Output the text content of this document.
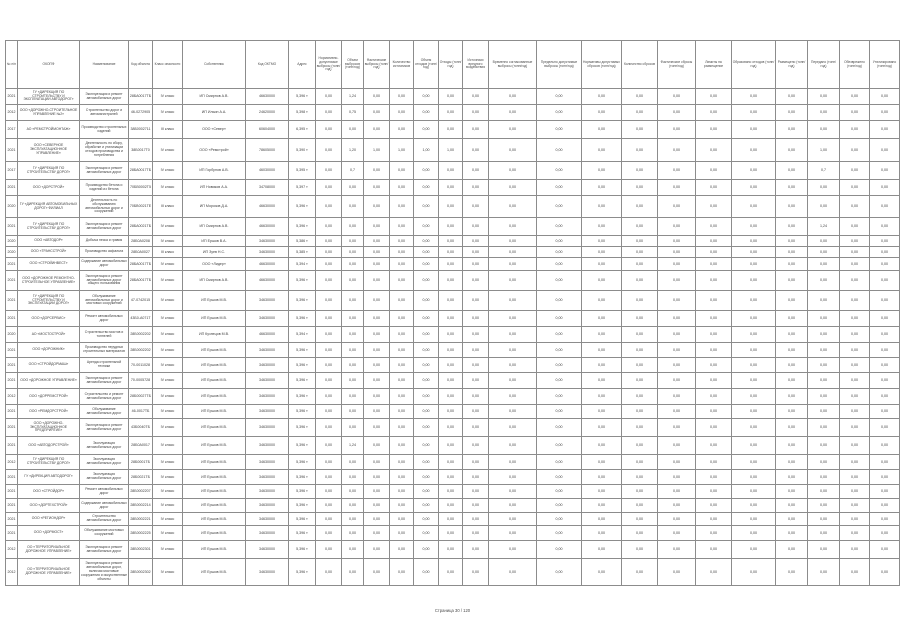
№ п/п	ОКОПФ	Наименование	Код объекта	Класс опасности	Собственник	Код ОКТМО	Адрес	Нормативно-допустимые выбросы (тонн/год)	Объем выбросов (тонн/год)	Фактические выбросы (тонн/год)	Количество источников	Объем отходов (тонн/год)	Отходы (тонн/год)	Источники вредного воздействия	Временно согласованные выбросы (тонн/год)	Предельно допустимые выбросы (тонн/год)	Нормативы допустимых сбросов (тонн/год)	Количество сбросов	Фактические сбросы (тонн/год)	Лимиты на размещение	Образовано отходов (тонн/год)	Размещено (тонн/год)	Передано (тонн/год)	Обезврежено (тонн/год)	Утилизировано (тонн/год)
2021	ГУ «ДИРЕКЦИЯ ПО СТРОИТЕЛЬСТВУ И ЭКСПЛУАТАЦИИ АВТОДОРОГ»	Эксплуатация и ремонт автомобильных дорог	28БА0017ТБ	IV класс	ИП Смирнов А.В.	46630000	5,396 т	0,00	1,24	0,00	0,00	0,00	0,00	0,00	0,00	0,00	0,00	0,00	0,00	0,00	0,00	0,00	0,00	0,00	0,00
2012	ООО «ДОРОЖНО-СТРОИТЕЛЬНОЕ УПРАВЛЕНИЕ №2»	Строительство дорог и автомагистралей	46-0272905	IV класс	ИП Ильин А.А.	24620000	5,398 т	0,00	0,75	0,00	0,00	0,00	0,00	0,00	0,00	0,00	0,00	0,00	0,00	0,00	0,00	0,00	0,00	0,00	0,00
2017	АО «РЕМСТРОЙМОНТАЖ»	Производство строительных изделий	38Б0002711	III класс	ООО «Север»	60604000	6,395 т	0,00	0,00	0,00	0,00	0,00	0,00	0,00	0,00	0,00	0,00	0,00	0,00	0,00	0,00	0,00	0,00	0,00	0,00
2021	ООО «СЕВЕРНОЕ ЭКСПЛУАТАЦИОННОЕ УПРАВЛЕНИЕ»	Деятельность по сбору, обработке и утилизации отходов производства и потребления	38Б0017Т0	IV класс	ООО «Ремстрой»	78605000	5,390 т	0,00	1,20	1,00	1,00	1,00	1,00	0,00	0,00	0,00	0,00	0,00	0,00	0,00	0,00	0,00	1,00	0,00	0,00
2017	ГУ «ДИРЕКЦИЯ ПО СТРОИТЕЛЬСТВУ ДОРОГ»	Эксплуатация и ремонт автомобильных дорог	28БА0017ТБ	IV класс	ИП Горбунов А.В.	46030000	5,395 т	0,00	0,7	0,00	0,00	0,00	0,00	0,00	0,00	0,00	0,00	0,00	0,00	0,00	0,00	0,00	0,7	0,00	0,00
2021	ООО «ДОРСТРОЙ»	Производство бетона и изделий из бетона	70БВ0002Т5	IV класс	ИП Новиков А.А.	34708000	5,397 т	0,00	0,00	0,00	0,00	0,00	0,00	0,00	0,00	0,00	0,00	0,00	0,00	0,00	0,00	0,00	0,00	0,00	0,00
2020	ГУ «ДИРЕКЦИЯ АВТОМОБИЛЬНЫХ ДОРОГ» ФИЛИАЛ	Деятельность по обслуживанию автомобильных дорог и сооружений	70БВ0021ТЕ	III класс	ИП Морозов Д.А.	46630000	5,396 т	0,00	0,00	0,00	0,00	0,00	0,00	0,00	0,00	0,00	0,00	0,00	0,00	0,00	0,00	0,00	0,00	0,00	0,00
2021	ГУ «ДИРЕКЦИЯ ПО СТРОИТЕЛЬСТВУ ДОРОГ»	Эксплуатация и ремонт автомобильных дорог	28БА0021ТБ	IV класс	ИП Смирнов А.В.	46630000	5,396 т	0,00	0,00	0,00	0,00	0,00	0,00	0,00	0,00	0,00	0,00	0,00	0,00	0,00	0,00	0,00	1,24	0,00	0,00
2020	ООО «АВТОДОР»	Добыча песка и гравия	28Б0А0208	IV класс	ИП Ершов В.А.	34630000	5,386 т	0,00	0,00	0,00	0,00	0,00	0,00	0,00	0,00	0,00	0,00	0,00	0,00	0,00	0,00	0,00	0,00	0,00	0,00
2020	ООО «ТРАНССТРОЙ»	Производство асфальта	28Б0А0027	III класс	ИП Зуев Н.С.	34630000	5,385 т	0,00	0,00	0,00	0,00	0,00	0,00	0,00	0,00	0,00	0,00	0,00	0,00	0,00	0,00	0,00	0,00	0,00	0,00
2021	ООО «СТРОЙИНВЕСТ»	Содержание автомобильных дорог	28БА0017ТБ	IV класс	ООО «Лидер»	46630000	5,394 т	0,00	0,00	0,00	0,00	0,00	0,00	0,00	0,00	0,00	0,00	0,00	0,00	0,00	0,00	0,00	0,00	0,00	0,00
2021	ООО «ДОРОЖНОЕ РЕМОНТНО-СТРОИТЕЛЬНОЕ УПРАВЛЕНИЕ»	Эксплуатация и ремонт автомобильных дорог общего пользования	28БА0017ТБ	IV класс	ИП Смирнов А.В.	46630000	5,396 т	0,00	0,00	0,00	0,00	0,00	0,00	0,00	0,00	0,00	0,00	0,00	0,00	0,00	0,00	0,00	0,00	0,00	0,00
2021	ГУ «ДИРЕКЦИЯ ПО СТРОИТЕЛЬСТВУ И ЭКСПЛУАТАЦИИ ДОРОГ»	Обслуживание автомобильных дорог и мостовых сооружений	47-0742015	IV класс	ИП Ершов М.В.	34630000	5,396 т	0,00	0,00	0,00	0,00	0,00	0,00	0,00	0,00	0,00	0,00	0,00	0,00	0,00	0,00	0,00	0,00	0,00	0,00
2021	ООО «ДОРСЕРВИС»	Ремонт автомобильных дорог	43Б0-А071Т	IV класс	ИП Ершов М.В.	34630000	5,396 т	0,00	0,00	0,00	0,00	0,00	0,00	0,00	0,00	0,00	0,00	0,00	0,00	0,00	0,00	0,00	0,00	0,00	0,00
2020	АО «МОСТОСТРОЙ»	Строительство мостов и тоннелей	28Б0002202	IV класс	ИП Кузнецов М.В.	46630000	5,394 т	0,00	0,00	0,00	0,00	0,00	0,00	0,00	0,00	0,00	0,00	0,00	0,00	0,00	0,00	0,00	0,00	0,00	0,00
2021	ООО «ДОРОЖНИК»	Производство нерудных строительных материалов	28Б0002202	IV класс	ИП Ершов М.В.	34630000	5,396 т	0,00	0,00	0,00	0,00	0,00	0,00	0,00	0,00	0,00	0,00	0,00	0,00	0,00	0,00	0,00	0,00	0,00	0,00
2021	ООО «СТРОЙДОРМАШ»	Аренда строительной техники	70-0011028	IV класс	ИП Ершов М.В.	34630000	5,396 т	0,00	0,00	0,00	0,00	0,00	0,00	0,00	0,00	0,00	0,00	0,00	0,00	0,00	0,00	0,00	0,00	0,00	0,00
2021	ООО «ДОРОЖНОЕ УПРАВЛЕНИЕ»	Эксплуатация и ремонт автомобильных дорог	70-0005728	IV класс	ИП Ершов М.В.	34630000	5,396 т	0,00	0,00	0,00	0,00	0,00	0,00	0,00	0,00	0,00	0,00	0,00	0,00	0,00	0,00	0,00	0,00	0,00	0,00
2012	ООО «ДОРРЕМСТРОЙ»	Строительство и ремонт автомобильных дорог	28Б00027ТБ	IV класс	ИП Ершов М.В.	34630000	5,396 т	0,00	0,00	0,00	0,00	0,00	0,00	0,00	0,00	0,00	0,00	0,00	0,00	0,00	0,00	0,00	0,00	0,00	0,00
2021	ООО «РЕМДОРСТРОЙ»	Обслуживание автомобильных дорог	46-0017ТБ	IV класс	ИП Ершов М.В.	34630000	5,396 т	0,00	0,00	0,00	0,00	0,00	0,00	0,00	0,00	0,00	0,00	0,00	0,00	0,00	0,00	0,00	0,00	0,00	0,00
2021	ООО «ДОРОЖНО-ЭКСПЛУАТАЦИОННОЕ ПРЕДПРИЯТИЕ»	Эксплуатация и ремонт автомобильных дорог	43Б0040ТБ	IV класс	ИП Ершов М.В.	34630000	5,396 т	0,00	0,00	0,00	0,00	0,00	0,00	0,00	0,00	0,00	0,00	0,00	0,00	0,00	0,00	0,00	0,00	0,00	0,00
2021	ООО «АВТОДОРСТРОЙ»	Эксплуатация автомобильных дорог	28Б0А0017	IV класс	ИП Ершов М.В.	34630000	5,396 т	0,00	1,24	0,00	0,00	0,00	0,00	0,00	0,00	0,00	0,00	0,00	0,00	0,00	0,00	0,00	0,00	0,00	0,00
2012	ГУ «ДИРЕКЦИЯ ПО СТРОИТЕЛЬСТВУ ДОРОГ»	Эксплуатация автомобильных дорог	28Б0001ТБ	IV класс	ИП Ершов М.В.	34630000	5,396 т	0,00	0,00	0,00	0,00	0,00	0,00	0,00	0,00	0,00	0,00	0,00	0,00	0,00	0,00	0,00	0,00	0,00	0,00
2021	ГУ «ДИРЕКЦИЯ АВТОДОРОГ»	Эксплуатация автомобильных дорог	28Б0021ТБ	IV класс	ИП Ершов М.В.	34630000	5,396 т	0,00	0,00	0,00	0,00	0,00	0,00	0,00	0,00	0,00	0,00	0,00	0,00	0,00	0,00	0,00	0,00	0,00	0,00
2021	ООО «СТРОЙДОР»	Ремонт автомобильных дорог	28Б0002207	IV класс	ИП Ершов М.В.	34630000	5,396 т	0,00	0,00	0,00	0,00	0,00	0,00	0,00	0,00	0,00	0,00	0,00	0,00	0,00	0,00	0,00	0,00	0,00	0,00
2021	ООО «ДОРТЕХСТРОЙ»	Содержание автомобильных дорог	28Б0002214	IV класс	ИП Ершов М.В.	34630000	5,396 т	0,00	0,00	0,00	0,00	0,00	0,00	0,00	0,00	0,00	0,00	0,00	0,00	0,00	0,00	0,00	0,00	0,00	0,00
2021	ООО «РЕГИОНДОР»	Строительство автомобильных дорог	28Б0002221	IV класс	ИП Ершов М.В.	34630000	5,396 т	0,00	0,00	0,00	0,00	0,00	0,00	0,00	0,00	0,00	0,00	0,00	0,00	0,00	0,00	0,00	0,00	0,00	0,00
2021	ООО «ДОРМОСТ»	Обслуживание мостовых сооружений	28Б0002225	IV класс	ИП Ершов М.В.	34630000	5,396 т	0,00	0,00	0,00	0,00	0,00	0,00	0,00	0,00	0,00	0,00	0,00	0,00	0,00	0,00	0,00	0,00	0,00	0,00
2012	ОО «ТЕРРИТОРИАЛЬНОЕ ДОРОЖНОЕ УПРАВЛЕНИЕ»	Эксплуатация и ремонт автомобильных дорог	28Б0002301	IV класс	ИП Ершов М.В.	34630000	5,396 т	0,00	0,00	0,00	0,00	0,00	0,00	0,00	0,00	0,00	0,00	0,00	0,00	0,00	0,00	0,00	0,00	0,00	0,00
2012	ОО «ТЕРРИТОРИАЛЬНОЕ ДОРОЖНОЕ УПРАВЛЕНИЕ»	Эксплуатация и ремонт автомобильных дорог, включая мостовые сооружения и искусственные объекты	28Б0002302	IV класс	ИП Ершов М.В.	34630000	5,396 т	0,00	0,00	0,00	0,00	0,00	0,00	0,00	0,00	0,00	0,00	0,00	0,00	0,00	0,00	0,00	0,00	0,00	0,00
Страница 30 / 120
